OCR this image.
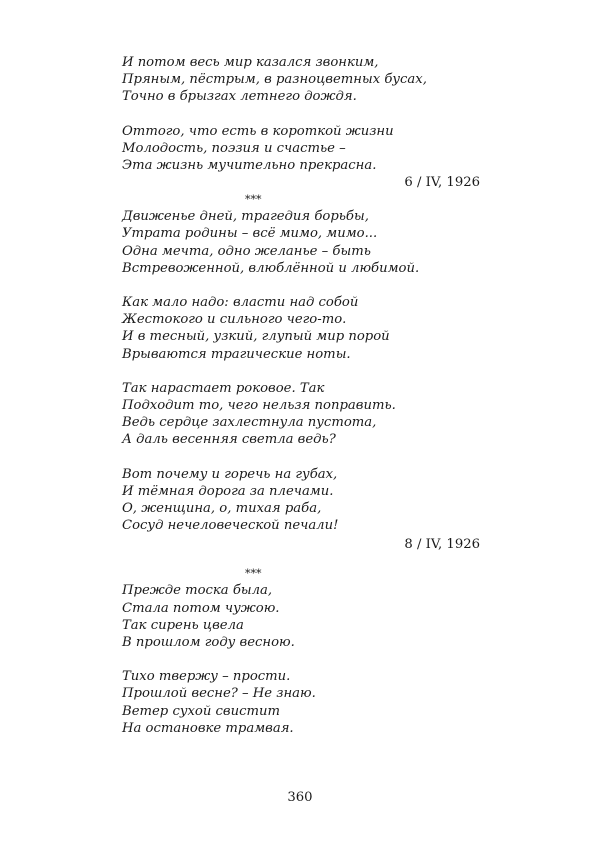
И потом весь мир казался звонким,
Пряным, пёстрым, в разноцветных бусах,
Точно в брызгах летнего дождя.
Оттого, что есть в короткой жизни
Молодость, поэзия и счастье –
Эта жизнь мучительно прекрасна.
6 / IV, 1926
***
Движенье дней, трагедия борьбы,
Утрата родины – всё мимо, мимо...
Одна мечта, одно желанье – быть
Встревоженной, влюблённой и любимой.
Как мало надо: власти над собой
Жестокого и сильного чего-то.
И в тесный, узкий, глупый мир порой
Врываются трагические ноты.
Так нарастает роковое. Так
Подходит то, чего нельзя поправить.
Ведь сердце захлестнула пустота,
А даль весенняя светла ведь?
Вот почему и горечь на губах,
И тёмная дорога за плечами.
О, женщина, о, тихая раба,
Сосуд нечеловеческой печали!
8 / IV, 1926
***
Прежде тоска была,
Стала потом чужою.
Так сирень цвела
В прошлом году весною.
Тихо твержу – прости.
Прошлой весне? – Не знаю.
Ветер сухой свистит
На остановке трамвая.
360
